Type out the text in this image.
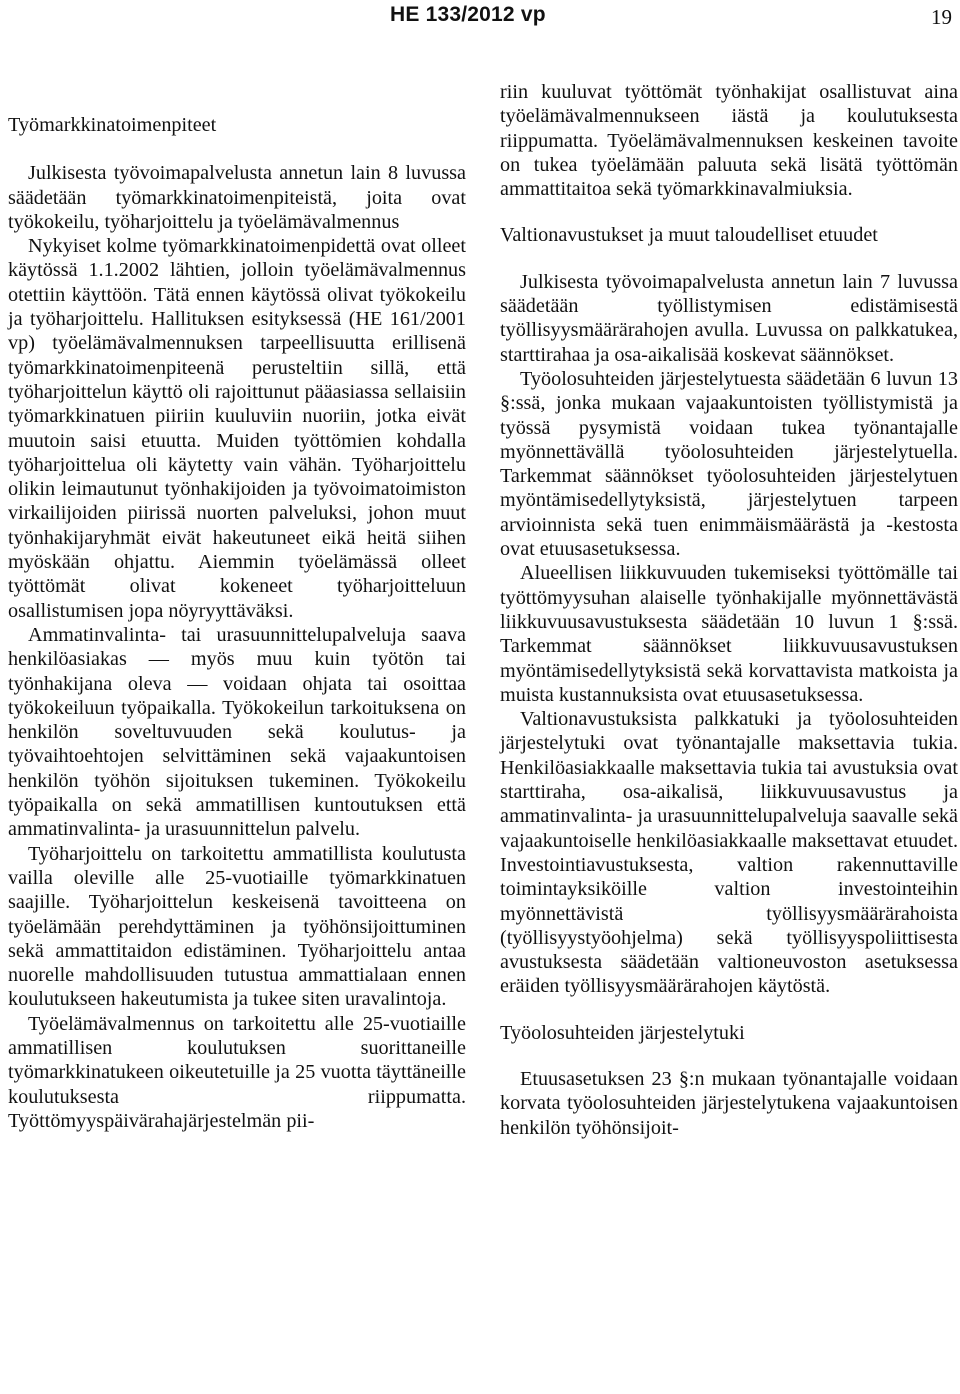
HE 133/2012 vp	19
Työmarkkinatoimenpiteet

Julkisesta työvoimapalvelusta annetun lain 8 luvussa säädetään työmarkkinatoimenpiteistä, joita ovat työkokeilu, työharjoittelu ja työelämävalmennus

Nykyiset kolme työmarkkinatoimenpidettä ovat olleet käytössä 1.1.2002 lähtien, jolloin työelämävalmennus otettiin käyttöön. Tätä ennen käytössä olivat työkokeilu ja työharjoittelu. Hallituksen esityksessä (HE 161/2001 vp) työelämävalmennuksen tarpeellisuutta erillisenä työmarkkinatoimenpiteenä perusteltiin sillä, että työharjoittelun käyttö oli rajoittunut pääasiassa sellaisiin työmarkkinatuen piiriin kuuluviin nuoriin, jotka eivät muutoin saisi etuutta. Muiden työttömien kohdalla työharjoittelua oli käytetty vain vähän. Työharjoittelu olikin leimautunut työnhakijoiden ja työvoimatoimiston virkailijoiden piirissä nuorten palveluksi, johon muut työnhakijaryhmät eivät hakeutuneet eikä heitä siihen myöskään ohjattu. Aiemmin työelämässä olleet työttömät olivat kokeneet työharjoitteluun osallistumisen jopa nöyryyttäväksi.

Ammatinvalinta- tai urasuunnittelupalveluja saava henkilöasiakas — myös muu kuin työtön tai työnhakijana oleva — voidaan ohjata tai osoittaa työkokeiluun työpaikalla. Työkokeilun tarkoituksena on henkilön soveltuvuuden sekä koulutus- ja työvaihtoehtojen selvittäminen sekä vajaakuntoisen henkilön työhön sijoituksen tukeminen. Työkokeilu työpaikalla on sekä ammatillisen kuntoutuksen että ammatinvalinta- ja urasuunnittelun palvelu.

Työharjoittelu on tarkoitettu ammatillista koulutusta vailla oleville alle 25-vuotiaille työmarkkinatuen saajille. Työharjoittelun keskeisenä tavoitteena on työelämään perehdyttäminen ja työhönsijoittuminen sekä ammattitaidon edistäminen. Työharjoittelu antaa nuorelle mahdollisuuden tutustua ammattialaan ennen koulutukseen hakeutumista ja tukee siten uravalintoja.

Työelämävalmennus on tarkoitettu alle 25-vuotiaille ammatillisen koulutuksen suorittaneille työmarkkinatukeen oikeutetuille ja 25 vuotta täyttäneille koulutuksesta riippumatta. Työttömyyspäivärahajärjestelmän pii-

riin kuuluvat työttömät työnhakijat osallistuvat aina työelämävalmennukseen iästä ja koulutuksesta riippumatta. Työelämävalmennuksen keskeinen tavoite on tukea työelämään paluuta sekä lisätä työttömän ammattitaitoa sekä työmarkkinavalmiuksia.

Valtionavustukset ja muut taloudelliset etuudet

Julkisesta työvoimapalvelusta annetun lain 7 luvussa säädetään työllistymisen edistämisestä työllisyysmäärärahojen avulla. Luvussa on palkkatukea, starttirahaa ja osa-aikalisää koskevat säännökset.

Työolosuhteiden järjestelytuesta säädetään 6 luvun 13 §:ssä, jonka mukaan vajaakuntoisten työllistymistä ja työssä pysymistä voidaan tukea työnantajalle myönnettävällä työolosuhteiden järjestelytuella. Tarkemmat säännökset työolosuhteiden järjestelytuen myöntämisedellytyksistä, järjestelytuen tarpeen arvioinnista sekä tuen enimmäismäärästä ja -kestosta ovat etuusasetuksessa.

Alueellisen liikkuvuuden tukemiseksi työttömälle tai työttömyysuhan alaiselle työnhakijalle myönnettävästä liikkuvuusavustuksesta säädetään 10 luvun 1 §:ssä. Tarkemmat säännökset liikkuvuusavustuksen myöntämisedellytyksistä sekä korvattavista matkoista ja muista kustannuksista ovat etuusasetuksessa.

Valtionavustuksista palkkatuki ja työolosuhteiden järjestelytuki ovat työnantajalle maksettavia tukia. Henkilöasiakkaalle maksettavia tukia tai avustuksia ovat starttiraha, osa-aikalisä, liikkuvuusavustus ja ammatinvalinta- ja urasuunnittelupalveluja saavalle sekä vajaakuntoiselle henkilöasiakkaalle maksettavat etuudet. Investointiavustuksesta, valtion rakennuttaville toimintayksiköille valtion investointeihin myönnettävistä työllisyysmäärärahoista (työllisyystyöohjelma) sekä työllisyyspoliittisesta avustuksesta säädetään valtioneuvoston asetuksessa eräiden työllisyysmäärärahojen käytöstä.

Työolosuhteiden järjestelytuki

Etuusasetuksen 23 §:n mukaan työnantajalle voidaan korvata työolosuhteiden järjestelytukena vajaakuntoisen henkilön työhönsijoit-
